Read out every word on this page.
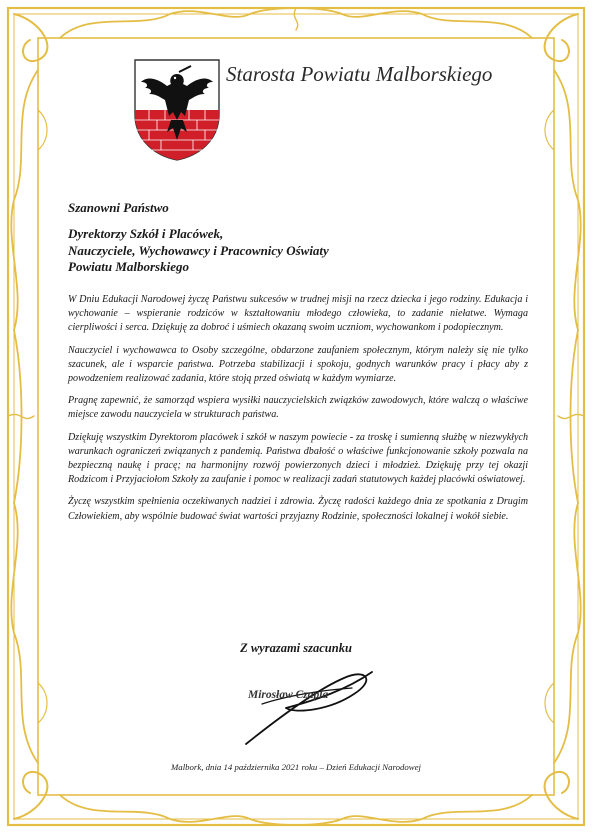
Starosta Powiatu Malborskiego
Szanowni Państwo
Dyrektorzy Szkół i Placówek,
Nauczyciele, Wychowawcy i Pracownicy Oświaty
Powiatu Malborskiego

W Dniu Edukacji Narodowej życzę Państwu sukcesów w trudnej misji na rzecz dziecka i jego rodziny. Edukacja i wychowanie – wspieranie rodziców w kształtowaniu młodego człowieka, to zadanie niełatwe. Wymaga cierpliwości i serca. Dziękuję za dobroć i uśmiech okazaną swoim uczniom, wychowankom i podopiecznym.

Nauczyciel i wychowawca to Osoby szczególne, obdarzone zaufaniem społecznym, którym należy się nie tylko szacunek, ale i wsparcie państwa. Potrzeba stabilizacji i spokoju, godnych warunków pracy i płacy aby z powodzeniem realizować zadania, które stoją przed oświatą w każdym wymiarze.

Pragnę zapewnić, że samorząd wspiera wysiłki nauczycielskich związków zawodowych, które walczą o właściwe miejsce zawodu nauczyciela w strukturach państwa.

Dziękuję wszystkim Dyrektorom placówek i szkół w naszym powiecie - za troskę i sumienną służbę w niezwykłych warunkach ograniczeń związanych z pandemią. Państwa dbałość o właściwe funkcjonowanie szkoły pozwala na bezpieczną naukę i pracę; na harmonijny rozwój powierzonych dzieci i młodzież. Dziękuję przy tej okazji Rodzicom i Przyjaciołom Szkoły za zaufanie i pomoc w realizacji zadań statutowych każdej placówki oświatowej.

Życzę wszystkim spełnienia oczekiwanych nadziei i zdrowia. Życzę radości każdego dnia ze spotkania z Drugim Człowiekiem, aby wspólnie budować świat wartości przyjazny Rodzinie, społeczności lokalnej i wokół siebie.

Z wyrazami szacunku
Mirosław Czapla
Malbork, dnia 14 października 2021 roku – Dzień Edukacji Narodowej
